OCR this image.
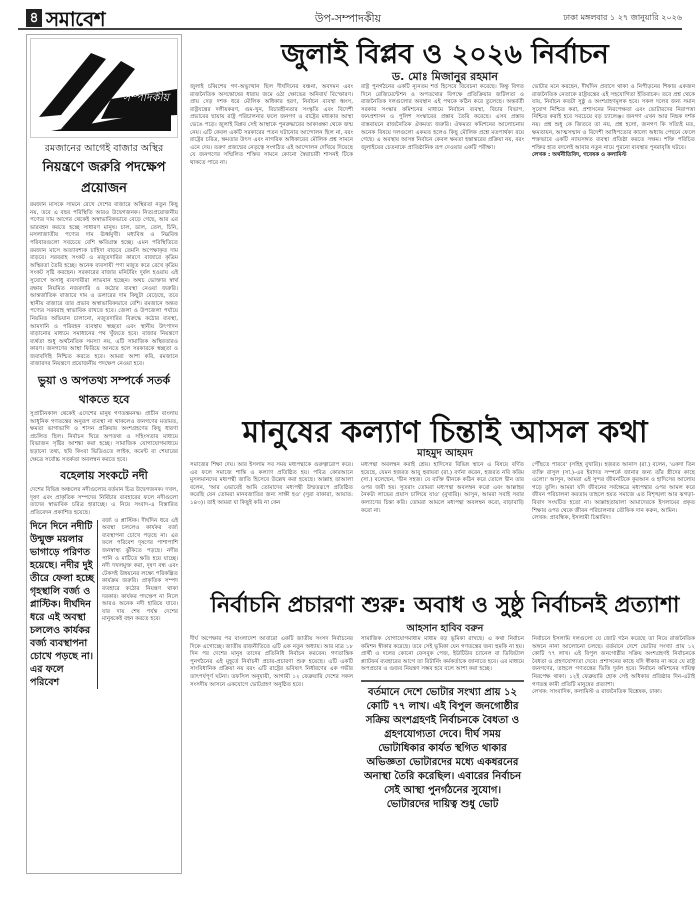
৪ সমাবেশ	উপ-সম্পাদকীয়	ঢাকা মঙ্গলবার ১ ২৭ জানুয়ারি ২০২৬
সম্পাদকীয়
রমজানের আগেই বাজার অস্থির
নিয়ন্ত্রণে জরুরি পদক্ষেপ প্রয়োজন
রমজান মাসকে সামনে রেখে দেশের বাজারে অস্থিরতা নতুন কিছু নয়, তবে এ বছর পরিস্থিতি আরও উদ্বেগজনক। নিত্যপ্রয়োজনীয় পণ্যের দাম আগের থেকেই অস্বাভাবিকভাবে বেড়ে গেছে, আর এর ভারবহন করতে হচ্ছে সাধারণ মানুষ। চাল, ডাল, তেল, চিনি, মসলাজাতীয় পণ্যের দাম ঊর্ধ্বমুখী। মধ্যবিত্ত ও নিম্নবিত্ত পরিবারগুলো সবচেয়ে বেশি ক্ষতিগ্রস্ত হচ্ছে। এমন পরিস্থিতিতে রমজান মাসে অত্যাবশ্যক চাহিদা বাড়বে তেমনি অপেক্ষাকৃত দাম বাড়বে। সরবরাহ সংকট ও মজুতদারির কারণে বাজারে কৃত্রিম অস্থিরতা তৈরি হচ্ছে। অনেক ব্যবসায়ী পণ্য মজুত করে রেখে কৃত্রিম সংকট সৃষ্টি করছেন। সরকারের বাজার মনিটরিং দুর্বল হওয়ায় এই সুযোগে অসাধু ব্যবসায়ীরা লাভবান হচ্ছেন। অথচ ভোক্তার স্বার্থ রক্ষায় নিয়মিত নজরদারি ও কঠোর ব্যবস্থা নেওয়া জরুরি। আন্তর্জাতিক বাজারে দাম ও ডলারের দাম কিছুটা বেড়েছে, তবে স্থানীয় বাজারে তার প্রভাব অস্বাভাবিকভাবে বেশি। রমজানে অন্তত পণ্যের সরবরাহ স্বাভাবিক রাখতে হবে। জেলা ও উপজেলা পর্যায়ে নিয়মিত অভিযান চালানো, মজুতদারির বিরুদ্ধে কঠোর ব্যবস্থা, আমদানি ও পরিবহন ব্যবস্থায় স্বচ্ছতা এবং স্থানীয় উৎপাদন বাড়ানোর মাধ্যমে সমাধানের পথ খুঁজতে হবে। বাজার নিয়ন্ত্রণে ব্যর্থতা শুধু অর্থনৈতিক সমস্যা নয়, এটি সামাজিক অস্থিরতারও কারণ। জনগণের আস্থা ফিরিয়ে আনতে হলে সরকারকে স্বচ্ছতা ও জবাবদিহি নিশ্চিত করতে হবে। আমরা আশা করি, রমজানে বাজারদর নিয়ন্ত্রণে প্রয়োজনীয় পদক্ষেপ নেওয়া হবে।
ভুয়া ও অপতথ্য সম্পর্কে সতর্ক থাকতে হবে
সুপ্রাচীনকাল থেকেই এদেশের মানুষ গণতন্ত্রমনস্ক। প্রাচীন বাংলায় আধুনিক গণতন্ত্রের অনুরূপ ব্যবস্থা না থাকলেও জনগণের মতামত, ক্ষমতা ভাগাভাগি ও শাসন প্রক্রিয়ায় অংশগ্রহণের কিছু ধারণা প্রচলিত ছিল। নির্বাচন ঘিরে অপতথ্য ও সহিংসতার মাধ্যমে বিভাজন সৃষ্টির আশঙ্কা করা হচ্ছে। সামাজিক যোগাযোগমাধ্যমে ছড়ানো তথ্য, ছবি কিংবা ভিডিওতে লাইক, কমেন্ট বা শেয়ারের ক্ষেত্রে সর্বোচ্চ সতর্কতা অবলম্বন করতে হবে।
বহেলায় সংকটে নদী
দেশের বিভিন্ন অঞ্চলের নদীগুলোর বর্তমান চিত্র উদ্বেগজনক। দখল, দূষণ এবং প্রাকৃতিক সম্পদের নির্বিচার ব্যবহারের ফলে নদীগুলো তাদের স্বাভাবিক চরিত্র হারাচ্ছে। এ নিয়ে সংবাদ-এ বিস্তারিত প্রতিবেদন প্রকাশিত হয়েছে।
দিনে দিনে নদীটি উন্মুক্ত ময়লার ভাগাড়ে পরিণত হয়েছে। নদীর দুই তীরে ফেলা হচ্ছে গৃহস্থালি বর্জ্য ও প্লাস্টিক। দীর্ঘদিন ধরে এই অবস্থা চললেও কার্যকর বর্জ্য ব্যবস্থাপনা চোখে পড়ছে না। এর ফলে পরিবেশ
বর্জ্য ও প্লাস্টিক। দীর্ঘদিন ধরে এই অবস্থা চললেও কার্যকর বর্জ্য ব্যবস্থাপনা চোখে পড়ছে না। এর ফলে পরিবেশ দূষণের পাশাপাশি জনস্বাস্থ্য ঝুঁকিতে পড়ছে। নদীর পানি ও মাটিতে ক্ষতি হয়ে যাচ্ছে। নদী দখলমুক্ত করা, দূষণ বন্ধ এবং টেকসই উন্নয়নের লক্ষ্যে পরিকল্পিত কার্যক্রম জরুরি। প্রাকৃতিক সম্পদ ব্যবহারে কঠোর নিয়ন্ত্রণ থাকা দরকার। কার্যকর পদক্ষেপ না নিলে আরও অনেক নদী হারিয়ে যাবে। যার দায় শেষ পর্যন্ত দেশের মানুষকেই বহন করতে হবে।
জুলাই বিপ্লব ও ২০২৬ নির্বাচন
ড. মোঃ মিজানুর রহমান
জুলাই চব্বিশের গণ-অভ্যুত্থান ছিল দীর্ঘদিনের বঞ্চনা, অবদমন এবং রাজনৈতিক অসন্তোষের ধারায় জমে ওঠা ক্ষোভের অনিবার্য বিস্ফোরণ। প্রায় দেড় দশক ধরে মৌলিক অধিকার হরণ, নির্বাচন ব্যবস্থা ধ্বংস, রাষ্ট্রযন্ত্রের দলীয়করণ, গুম-খুন, বিচারহীনতার সংস্কৃতি এবং বিদেশী প্রভাবের ছায়ায় রাষ্ট্র পরিচালনার ফলে জনগণ ও রাষ্ট্রের মধ্যকার আস্থা ভেঙে পড়ে। জুলাই বিপ্লব সেই আস্থাকে পুনরুদ্ধারের আকাঙ্ক্ষা থেকে জন্ম নেয়। এটি কেবল একটি সরকারের পতন ঘটানোর আন্দোলন ছিল না, বরং রাষ্ট্রের চরিত্র, ক্ষমতার উৎস এবং নাগরিক অধিকারের মৌলিক প্রশ্ন সামনে এনে দেয়। তরুণ প্রজন্মের নেতৃত্বে সংগঠিত এই আন্দোলন দেখিয়ে দিয়েছে যে জনগণের সম্মিলিত শক্তির সামনে কোনো স্বৈরাচারী শাসনই টিকে থাকতে পারে না।
রাষ্ট্র পুনর্গঠনের একটি ন্যূনতম শর্ত হিসেবে বিবেচনা করেছে। কিন্তু বিগত দিনে রেজিমেন্টেশন ও অপতথ্যের বিপক্ষে প্রতিক্রিয়ার জটিলতা ও রাজনৈতিক দলগুলোর অবস্থান এই পথকে কঠিন করে তুলেছে। অন্তর্বর্তী সরকার সংস্কার কমিশনের মাধ্যমে নির্বাচন ব্যবস্থা, বিচার বিভাগ, জনপ্রশাসন ও পুলিশ সংস্কারের প্রস্তাব তৈরি করেছে। এসব প্রস্তাব বাস্তবায়নে রাজনৈতিক ঐকমত্য জরুরি। ঐকমত্য কমিশনের আলোচনায় অনেক বিষয়ে দলগুলো একমত হলেও কিছু মৌলিক প্রশ্নে মতপার্থক্য রয়ে গেছে। এ অবস্থায় আসন্ন নির্বাচন কেবল ক্ষমতা হস্তান্তরের প্রক্রিয়া নয়, বরং জুলাইয়ের চেতনাকে প্রাতিষ্ঠানিক রূপ দেওয়ার একটি পরীক্ষা।
ভোটার মনে করছেন, দীর্ঘদিন প্রবাসে থাকা ও নিপীড়নের শিকার একজন রাজনৈতিক নেতাকে রাষ্ট্রযন্ত্রের এই সহযোগিতা ইতিবাচক। তবে প্রশ্ন থেকে যায়, নির্বাচন কতটা সুষ্ঠু ও অংশগ্রহণমূলক হবে। সকল দলের জন্য সমান সুযোগ নিশ্চিত করা, প্রশাসনের নিরপেক্ষতা এবং ভোটারদের নিরাপত্তা নিশ্চিত করাই হবে সবচেয়ে বড় চ্যালেঞ্জ। জনগণ এখন আর নিছক দর্শক নয়। প্রশ্ন শুধু কে জিতবে তা নয়, প্রশ্ন হলো, জনগণ কি সত্যিই মত, ক্ষমতায়ন, আত্মসম্মান ও বিদেশী আধিপত্যের কালো অধ্যায় পেছনে ফেলে শক্তভাবে একটি ন্যায়সঙ্গত ব্যবস্থা প্রতিষ্ঠা করতে সক্ষম। শক্তি পরিচিত শক্তির হাত বদলেই আবার নতুন নামে পুরনো ব্যবস্থার পুনরাবৃত্তি ঘটবে।
লেখক : অর্থনীতিবিদ, গবেষক ও কলামিস্ট
মানুষের কল্যাণ চিন্তাই আসল কথা
মাহমুদ আহমদ
সমাজের শিক্ষা দেয়। আর ইসলাম সব সময় মধ্যপন্থাকে গুরুত্বারোপ করে। এর ফলে সমাজে শান্তি ও কল্যাণ প্রতিষ্ঠিত হয়। পবিত্র কোরআনে মুসলমানদের মধ্যপন্থী জাতি হিসেবে উল্লেখ করা হয়েছে। আল্লাহ তাআলা বলেন, 'আর এভাবেই আমি তোমাদের মধ্যপন্থী উম্মতরূপে প্রতিষ্ঠিত করেছি যেন তোমরা মানবজাতির জন্য সাক্ষী হও' (সুরা বাকারা, আয়াত: ১৪৩)। তাই আমরা যা কিছুই করি না কেন
মধ্যপন্থা অবলম্বন করাই শ্রেয়। হাদিসের বিভিন্ন স্থানে এ বিষয়ে বর্ণিত হয়েছে, যেমন হজরত আবু হুরায়রা (রা.) বর্ণনা করেন, হজরত নবি করিম (সা.) বলেছেন, 'দ্বীন সহজ। যে ব্যক্তি দ্বীনকে কঠিন করে তোলে দ্বীন তার ওপর জয়ী হয়। সুতরাং তোমরা মধ্যপন্থা অবলম্বন করো এবং আল্লাহর নৈকট্য লাভের প্রয়াস চালিয়ে যাও' (বুখারি)। আসুন, আমরা সবাই সবার কল্যাণের চিন্তা করি। তোমরা আমলে মধ্যপন্থা অবলম্বন করো, বাড়াবাড়ি করো না।
পৌঁছতে পারবে' (সহিহ বুখারি)। হজরত আনাস (রা.) বলেন, 'একদা তিন ব্যক্তি রাসুল (সা.)-এর ইবাদত সম্পর্কে জানার জন্য তাঁর স্ত্রীদের কাছে এলো।' আসুন, আমরা এই সুন্দর জীবনটিকে কুরআন ও হাদিসের আলোয় গড়ে তুলি। আমরা যদি জীবনের সর্বক্ষেত্রে মধ্যপন্থার ওপর আমল করে জীবন পরিচালনা করতাম তাহলে হয়ত সমাজে এত বিশৃঙ্খলা আর ঝগড়া-বিবাদ সংঘটিত হতো না। আল্লাহতায়ালা আমাদেরকে ইসলামের প্রকৃত শিক্ষার ওপর থেকে জীবন পরিচালনার তৌফিক দান করুন, আমিন।
লেখক: প্রাবন্ধিক, ইসলামী চিন্তাবিদ।
নির্বাচনি প্রচারণা শুরু: অবাধ ও সুষ্ঠু নির্বাচনই প্রত্যাশা
আহসান হাবিব বরুন
দীর্ঘ অপেক্ষার পর বাংলাদেশ আবারো একটি জাতীয় সংসদ নির্বাচনের দিকে এগোচ্ছে। জাতীয় রাজনীতিতে এটি এক নতুন অধ্যায়। আর মাত্র ১৮ দিন পর দেশের মানুষ তাদের প্রতিনিধি নির্বাচন করবেন। গণতান্ত্রিক পুনর্গঠনের এই মুহূর্তে নির্বাচনী প্রচার-প্রচারণা শুরু হয়েছে। এটি একটি সাংবিধানিক প্রক্রিয়া নয় বরং এটি রাষ্ট্রের ভবিষ্যৎ নির্ধারণের এক গভীর তাৎপর্যপূর্ণ ঘটনা। তফসিল অনুযায়ী, আগামী ১২ ফেব্রুয়ারি দেশের সকল সংসদীয় আসনে একযোগে ভোটগ্রহণ অনুষ্ঠিত হবে।
সামাজিক যোগাযোগমাধ্যম মাধ্যম বড় ভূমিকা রাখছে। এ কথা নির্বাচন কমিশন স্বীকার করেছে। তবে সেই ভূমিকা যেন গণতন্ত্রের জন্য হুমকি না হয়। প্রার্থী ও দলের কোনো ফেসবুক পেজ, ইউটিউব চ্যানেল বা ডিজিটাল প্ল্যাটফর্ম ব্যবহারের আগে তা রিটার্নিং কর্মকর্তাকে জানাতে হবে। এর মাধ্যমে অপপ্রচার ও গুজব নিয়ন্ত্রণ সম্ভব হবে বলে আশা করা হচ্ছে।
বর্তমানে দেশে ভোটার সংখ্যা প্রায় ১২ কোটি ৭৭ লাখ। এই বিপুল জনগোষ্ঠীর সক্রিয় অংশগ্রহণই নির্বাচনকে বৈধতা ও গ্রহণযোগ্যতা দেবে। দীর্ঘ সময় ভোটাধিকার কার্যত স্থগিত থাকার অভিজ্ঞতা ভোটারদের মধ্যে একধরনের অনাস্থা তৈরি করেছিল। এবারের নির্বাচন সেই আস্থা পুনর্গঠনের সুযোগ। ভোটারদের দায়িত্ব শুধু ভোট
নির্বাচনে ইসলামি দলগুলো যে জোট গঠন করেছে তা নিয়ে রাজনৈতিক অঙ্গনে নানা আলোচনা চলছে। বর্তমানে দেশে ভোটার সংখ্যা প্রায় ১২ কোটি ৭৭ লাখ। এই বিপুল জনগোষ্ঠীর সক্রিয় অংশগ্রহণই নির্বাচনকে বৈধতা ও গ্রহণযোগ্যতা দেবে। প্রশাসনের কাছে যদি স্বীকার না করে যে রাষ্ট্র জনগণের, তাহলে গণতন্ত্রের ভিত্তি দুর্বল হবে। নির্বাচন কমিশনের দায়িত্ব নিরপেক্ষ থাকা। ১২ই ফেব্রুয়ারি হোক সেই অধিকার প্রতিষ্ঠার দিন-এটাই গণতন্ত্র কামী প্রতিটি মানুষের প্রত্যাশা।
লেখক: সাংবাদিক, কলামিস্ট ও রাজনৈতিক বিশ্লেষক, ঢাকা।
